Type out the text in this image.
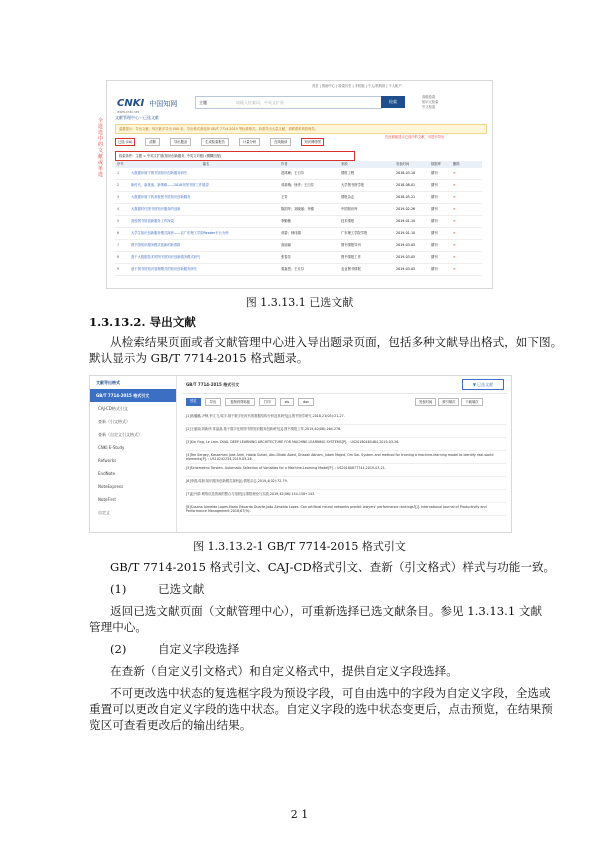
首页 | 帮助中心 | 检索历史 | 手机版 | 个人/机构馆 | 个人帐户
CNKI 中国知网
www.cnki.net
主题	请输入检索词，中英文扩展	检索
高级检索
知识元检索
引文检索
文献管理中心－已选文献
温馨提示：导出文献，每次最多导出 500 条。导出格式请选择 GB/T 7714-2015 等标准格式。如需导出大量文献，请联系机构管理员。
已选 (10)	清除	导出题录	生成检索报告	计量分析	在线阅读	知识网络图
在此面板显示已选中的文献，可进行导出
检索条件：主题 = 中英文扩展(知识创新服务, 中英文对照) (模糊匹配)
序号	篇名	作者	来源	发表时间	数据库	删除
1	大数据环境下图书馆知识创新服务研究	范鸿雁；王曰芬	情报工程	2018-03-10	期刊	✕
2	新时代、新挑战、新策略——2018年图书馆工作展望	邓菊娥；徐亭；王曰芬	大学图书馆学报	2018-08-01	期刊	✕
3	大数据环境下的高校图书馆知识创新服务	王芳	情报杂志	2018-05-21	期刊	✕
4	大数据时代图书馆知识服务的创新	陈国华；刘晓丽；李德	中国知识库	2019-02-26	期刊	✕
5	高校图书馆创新服务工作探索	李勤敏	技术情报	2019-01-10	期刊	✕
6	大学生知识创新服务模式探析——以广东理工学院Reader平台为例	邓碧；林伟娟	广东理工学院学报	2019-01-10	期刊	✕
7	图书馆知识服务模式创新的新思路	高丽丽	图书情报导刊	2019-03-05	期刊	✕
8	基于大数据技术的图书馆知识创新服务模式研究	张春芳	图书情报工作	2019-03-05	期刊	✕
9	基于图书馆知识管理模式的知识创新服务研究	秦嘉恩；王月芬	农业图书情报	2019-03-05	期刊	✕
全选选中的文献或单选
图 1.3.13.1 已选文献
1.3.13.2. 导出文献
从检索结果页面或者文献管理中心进入导出题录页面，包括多种文献导出格式，如下图。
默认显示为 GB/T 7714-2015 格式题录。
文献导出格式
GB/T 7714-2015 格式引文
CAJ-CD格式引文
查新（引文格式）
查新（自定义引文格式）
CNKI E-Study
Refworks
EndNote
NoteExpress
NoteFirst
自定义
GB/T 7714-2015 格式引文	▼ 已选文献
预览	导出	复制到剪贴板	打印	xls	doc	发表时间	被引频次	下载频次
[1]蒋璐璐,尹锋,李文飞,周宇.基于数字化时代的数据结构分析及其研究[J].图书馆学研究,2018,21(05):21-27.
[2]王丽丽,刘新伊,常晶晶.基于数字化的图书馆知识服务创新研究[J].图书情报工作,2019,40(06):264-276.
[3]Xie Ying, Le Lmn. DUAL DEEP LEARNING ARCHITECTURE FOR MACHINE LEARNING SYSTEMS[P]. : US20180465464,2019-03-26.
[4]Ten Sergey, Kasseman Jose Ariel, Habib Suhail, Abu Dhabi Abed, Ghazali Adnam, Jubeh Majed, Om Sai. System and method for training a machine-learning model to identify real-world elements[P]. : US10242254,2019-03-26.
[5]Schemeknz Torsten. Automatic Selection of Variables for a Machine-Learning Model[P]. : US20180877744,2019-03-21.
[6]李燕,周晨.知识服务创新模式探析[J].情报杂志,2019,4(02):72-79.
[7]赵丹群.网络信息资源的整合与组织[J].情报理论与实践,2019,42(06):154-158+143.
[8]Susana Almeida Lopes,Maria Eduarda Duarte,João Almeida Lopes. Can artificial neural networks predict lawyers' performance rankings?[J]. International Journal of Productivity and Performance Management,2018,67(9):.
图 1.3.13.2-1 GB/T 7714-2015 格式引文
GB/T 7714-2015 格式引文、CAJ-CD格式引文、查新（引文格式）样式与功能一致。
(1)	已选文献
返回已选文献页面（文献管理中心），可重新选择已选文献条目。参见 1.3.13.1 文献
管理中心。
(2)	自定义字段选择
在查新（自定义引文格式）和自定义格式中，提供自定义字段选择。
不可更改选中状态的复选框字段为预设字段，可自由选中的字段为自定义字段，全选或
重置可以更改自定义字段的选中状态。自定义字段的选中状态变更后，点击预览，在结果预
览区可查看更改后的输出结果。
2 1
